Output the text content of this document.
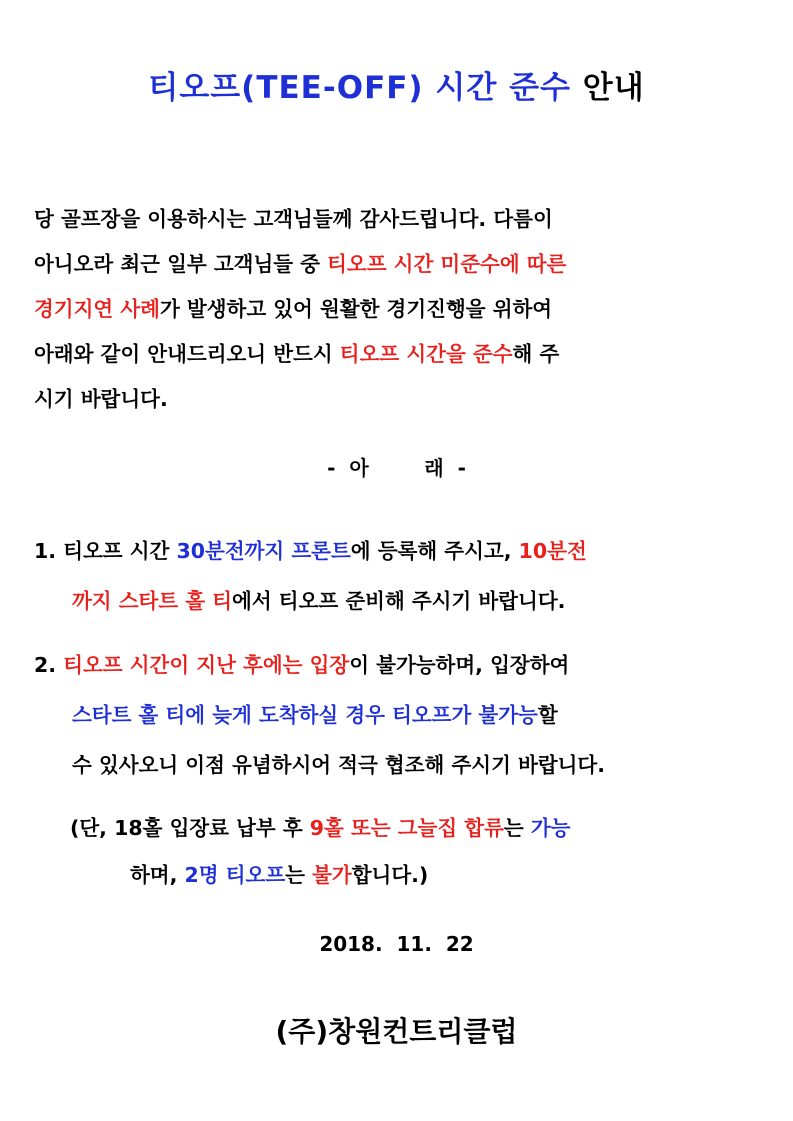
티오프(TEE-OFF) 시간 준수 안내
당 골프장을 이용하시는 고객님들께 감사드립니다. 다름이
아니오라 최근 일부 고객님들 중 티오프 시간 미준수에 따른
경기지연 사례가 발생하고 있어 원활한 경기진행을 위하여
아래와 같이 안내드리오니 반드시 티오프 시간을 준수해 주
시기 바랍니다.
-  아        래  -
1. 티오프 시간 30분전까지 프론트에 등록해 주시고, 10분전
까지 스타트 홀 티에서 티오프 준비해 주시기 바랍니다.
2. 티오프 시간이 지난 후에는 입장이 불가능하며, 입장하여
스타트 홀 티에 늦게 도착하실 경우 티오프가 불가능할
수 있사오니 이점 유념하시어 적극 협조해 주시기 바랍니다.
(단, 18홀 입장료 납부 후 9홀 또는 그늘집 합류는 가능
하며, 2명 티오프는 불가합니다.)
2018.  11.  22
(주)창원컨트리클럽
